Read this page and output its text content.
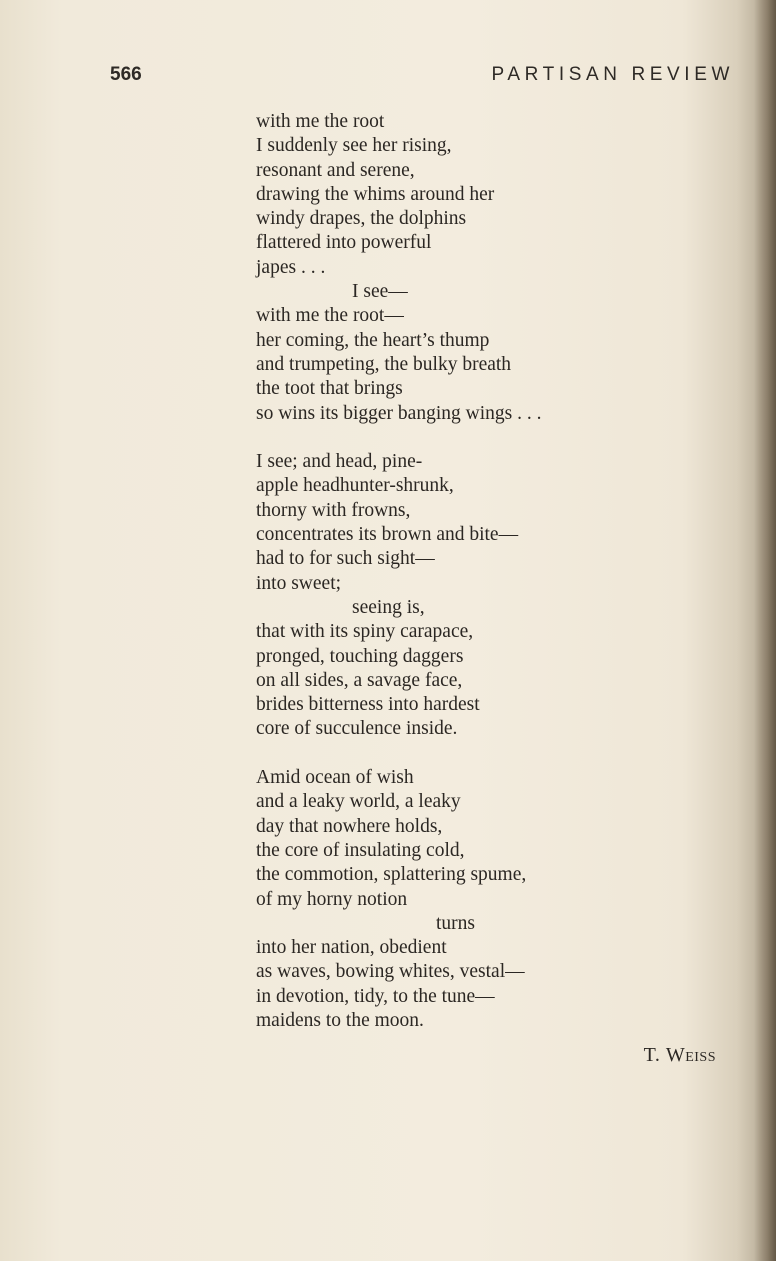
566	PARTISAN REVIEW
with me the root
I suddenly see her rising,
resonant and serene,
drawing the whims around her
windy drapes, the dolphins
flattered into powerful
japes . . .
I see—
with me the root—
her coming, the heart’s thump
and trumpeting, the bulky breath
the toot that brings
so wins its bigger banging wings . . .
I see; and head, pine-
apple headhunter-shrunk,
thorny with frowns,
concentrates its brown and bite—
had to for such sight—
into sweet;
seeing is,
that with its spiny carapace,
pronged, touching daggers
on all sides, a savage face,
brides bitterness into hardest
core of succulence inside.
Amid ocean of wish
and a leaky world, a leaky
day that nowhere holds,
the core of insulating cold,
the commotion, splattering spume,
of my horny notion
turns
into her nation, obedient
as waves, bowing whites, vestal—
in devotion, tidy, to the tune—
maidens to the moon.
T. Weiss
